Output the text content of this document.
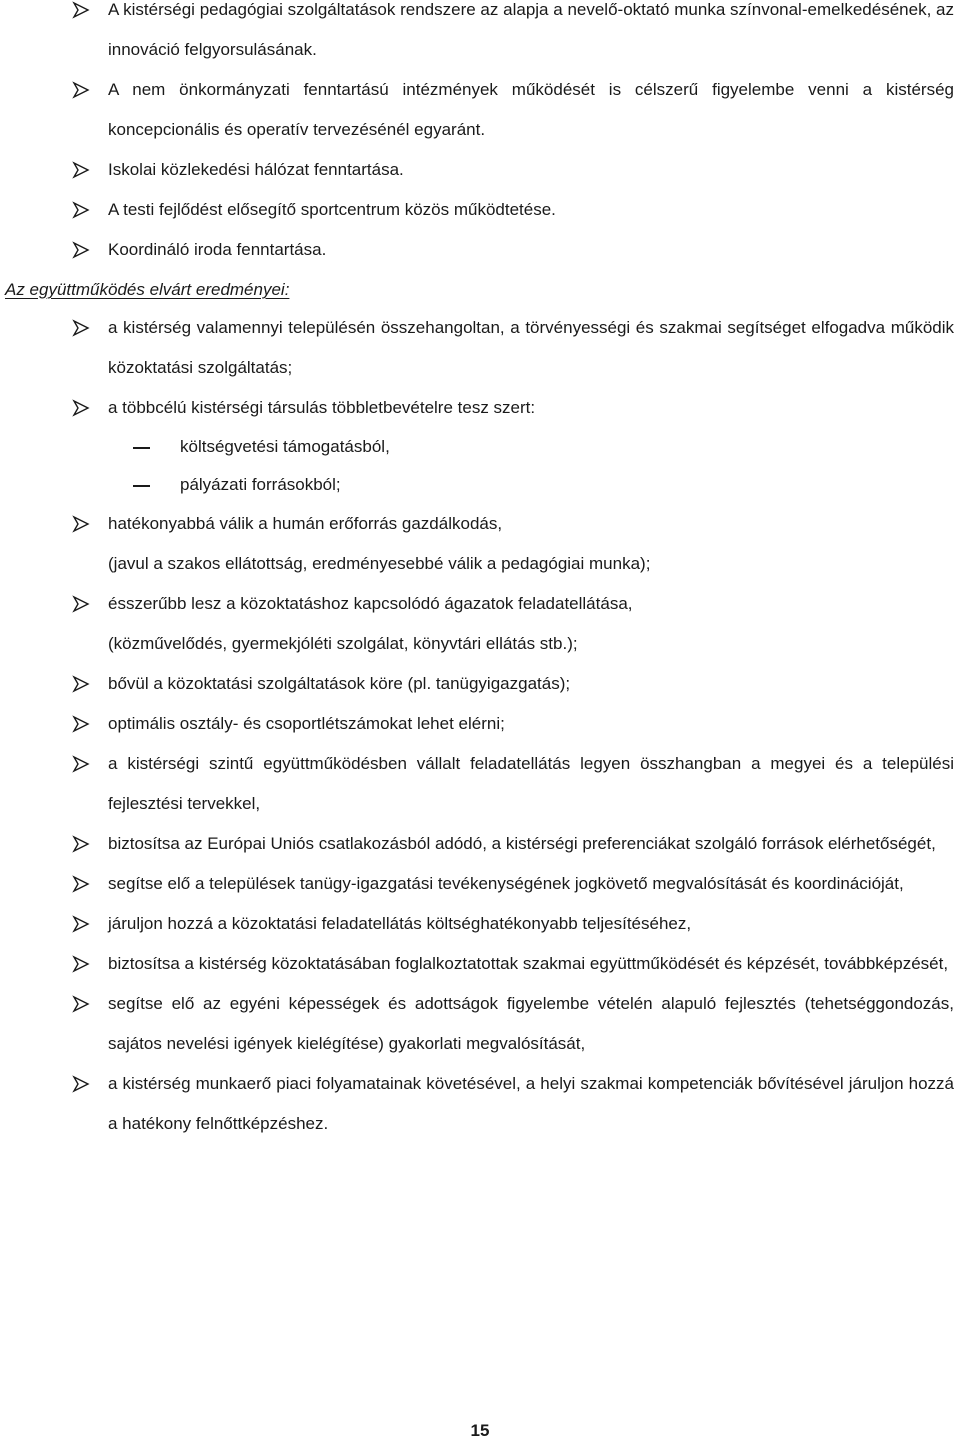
A kistérségi pedagógiai szolgáltatások rendszere az alapja a nevelő-oktató munka színvonal-emelkedésének, az innováció felgyorsulásának.
A nem önkormányzati fenntartású intézmények működését is célszerű figyelembe venni a kistérség koncepcionális és operatív tervezésénél egyaránt.
Iskolai közlekedési hálózat fenntartása.
A testi fejlődést elősegítő sportcentrum közös működtetése.
Koordináló iroda fenntartása.
Az együttműködés elvárt eredményei:
a kistérség valamennyi településén összehangoltan, a törvényességi és szakmai segítséget elfogadva működik közoktatási szolgáltatás;
a többcélú kistérségi társulás többletbevételre tesz szert:
költségvetési támogatásból,
pályázati forrásokból;
hatékonyabbá válik a humán erőforrás gazdálkodás,
(javul a szakos ellátottság, eredményesebbé válik a pedagógiai munka);
ésszerűbb lesz a közoktatáshoz kapcsolódó ágazatok feladatellátása,
(közművelődés, gyermekjóléti szolgálat, könyvtári ellátás stb.);
bővül a közoktatási szolgáltatások köre (pl. tanügyigazgatás);
optimális osztály- és csoportlétszámokat lehet elérni;
a kistérségi szintű együttműködésben vállalt feladatellátás legyen összhangban a megyei és a települési fejlesztési tervekkel,
biztosítsa az Európai Uniós csatlakozásból adódó, a kistérségi preferenciákat szolgáló források elérhetőségét,
segítse elő a települések tanügy-igazgatási tevékenységének jogkövető megvalósítását és koordinációját,
járuljon hozzá a közoktatási feladatellátás költséghatékonyabb teljesítéséhez,
biztosítsa a kistérség közoktatásában foglalkoztatottak szakmai együttműködését és képzését, továbbképzését,
segítse elő az egyéni képességek és adottságok figyelembe vételén alapuló fejlesztés (tehetséggondozás, sajátos nevelési igények kielégítése) gyakorlati megvalósítását,
a kistérség munkaerő piaci folyamatainak követésével, a helyi szakmai kompetenciák bővítésével járuljon hozzá a hatékony felnőttképzéshez.
15
